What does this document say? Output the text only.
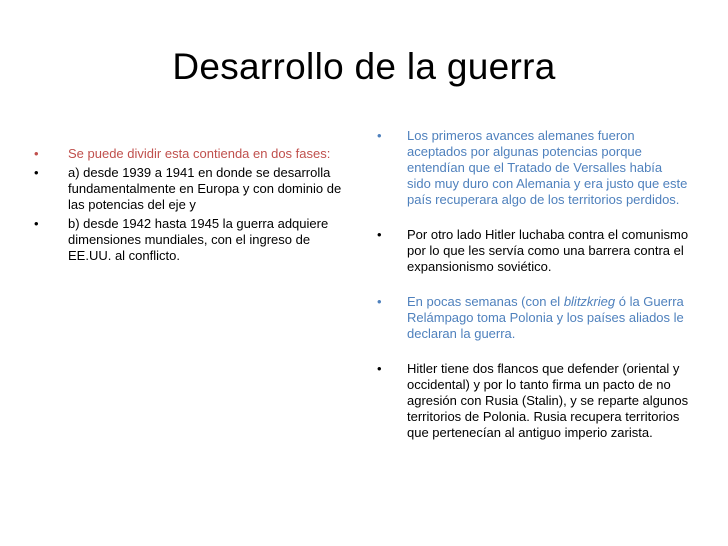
Desarrollo de la guerra
•	Se puede dividir esta contienda en dos fases:
•	a) desde 1939 a 1941 en donde se desarrolla fundamentalmente en Europa y con dominio de las potencias del eje y
•	b) desde 1942 hasta 1945 la guerra adquiere dimensiones mundiales, con el ingreso de EE.UU. al conflicto.
•	Los primeros avances alemanes fueron aceptados por algunas potencias porque entendían que el Tratado de Versalles había sido muy duro con Alemania y era justo que este país recuperara algo de los territorios perdidos.
•	Por otro lado Hitler luchaba contra el comunismo por lo que les servía como una barrera contra el expansionismo soviético.
•	En pocas semanas (con el blitzkrieg ó la Guerra Relámpago toma Polonia y los países aliados le declaran la guerra.
•	Hitler tiene dos flancos que defender (oriental y occidental) y por lo tanto firma un pacto de no agresión con Rusia (Stalin), y se reparte algunos territorios de Polonia. Rusia recupera territorios que pertenecían al antiguo imperio zarista.
